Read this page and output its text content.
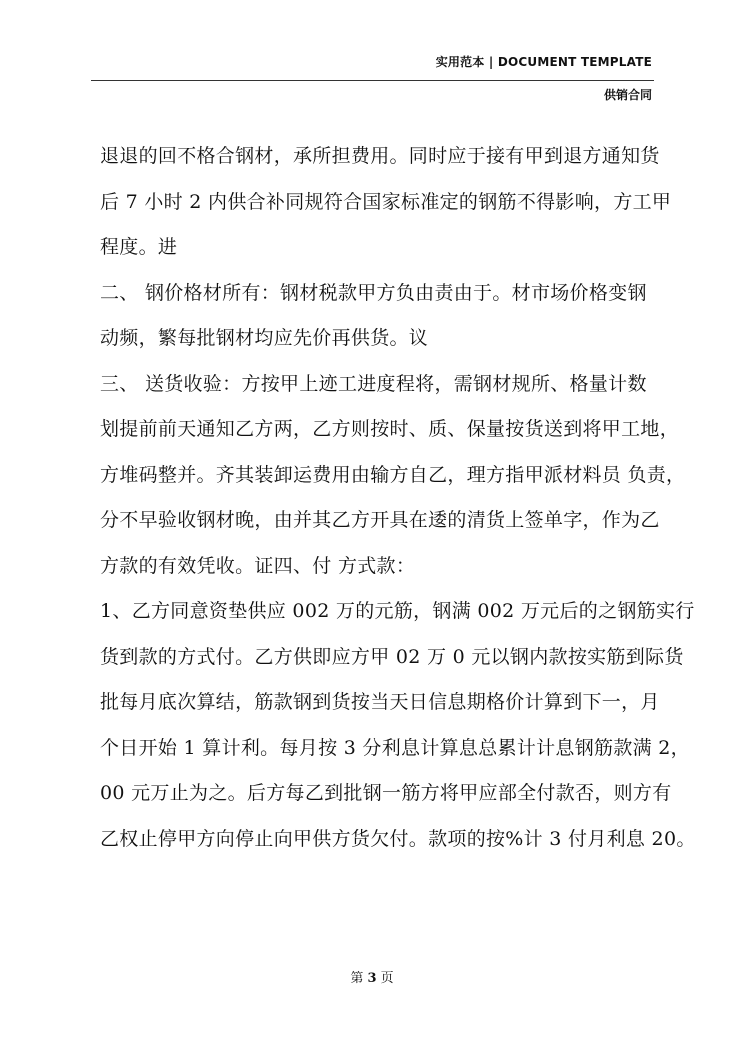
实用范本 | DOCUMENT TEMPLATE
供销合同
退退的回不格合钢材，承所担费用。同时应于接有甲到退方通知货
后 7 小时 2 内供合补同规符合国家标准定的钢筋不得影响，方工甲
程度。进
二、 钢价格材所有：钢材税款甲方负由责由于。材市场价格变钢
动频，繁每批钢材均应先价再供货。议
三、 送货收验：方按甲上迹工进度程将，需钢材规所、格量计数
划提前前天通知乙方两，乙方则按时、质、保量按货送到将甲工地，
方堆码整并。齐其装卸运费用由输方自乙，理方指甲派材料员 负责，
分不早验收钢材晚，由并其乙方开具在逶的清货上签单字，作为乙
方款的有效凭收。证四、付 方式款：
1、乙方同意资垫供应 002 万的元筋，钢满 002 万元后的之钢筋实行
货到款的方式付。乙方供即应方甲 02 万 0 元以钢内款按实筋到际货
批每月底次算结，筋款钢到货按当天日信息期格价计算到下一，月
个日开始 1 算计利。每月按 3 分利息计算息总累计计息钢筋款满 2，
00 元万止为之。后方每乙到批钢一筋方将甲应部全付款否，则方有
乙权止停甲方向停止向甲供方货欠付。款项的按%计 3 付月利息 20。
第 3 页
